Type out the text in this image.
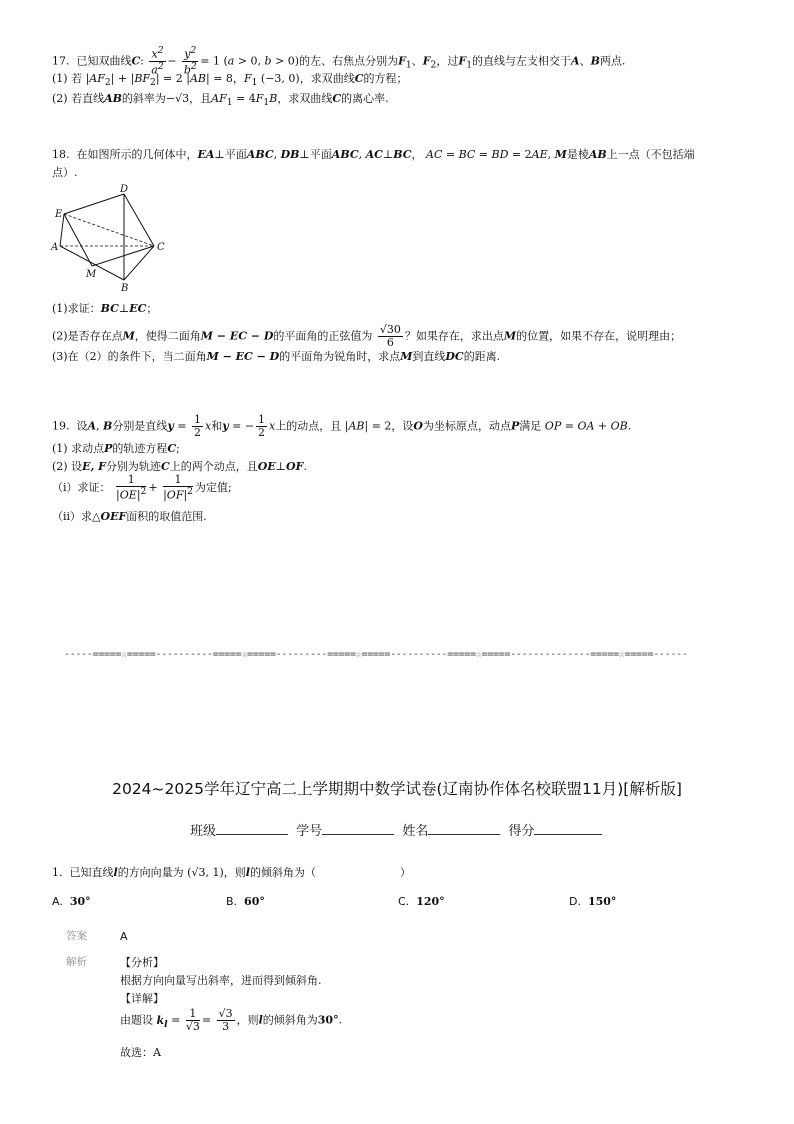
17. 已知双曲线C: $\frac{x^2}{a^2} - \frac{y^2}{b^2} = 1$ (a > 0, b > 0)的左、右焦点分别为$F_1$、$F_2$，过$F_1$的直线与左支相交于A、B两点.
(1) 若 $|AF_2| + |BF_2| = 2$ |AB| = 8，$F_1$ (−3, 0)，求双曲线C的方程；
(2) 若直线AB的斜率为−√3，且$AF_1 = 4F_1B$，求双曲线C的离心率.
18. 在如图所示的几何体中，EA⊥平面ABC, DB⊥平面ABC, AC⊥BC， AC = BC = BD = 2AE, M是棱AB上一点（不包括端
点）.
D
E
A	C
M
B
(1)求证：BC⊥EC；
(2)是否存在点M，使得二面角M − EC − D的平面角的正弦值为 $\frac{√30}{6}$ ？如果存在，求出点M的位置，如果不存在，说明理由；
(3)在（2）的条件下，当二面角M − EC − D的平面角为锐角时，求点M到直线DC的距离.
19. 设A, B分别是直线$y = \frac{1}{2}$ x和y = − $\frac{1}{2}$ x上的动点，且 |AB| = 2，设O为坐标原点，动点P满足 OP = OA + OB.
(1) 求动点P的轨迹方程C;
(2) 设E, F分别为轨迹C上的两个动点，且OE⊥OF.
（i）求证： $\frac{1}{|OE|^2} + \frac{1}{|OF|^2}$ 为定值;
（ii）求△OEF面积的取值范围.
-----=====☆=====----------=====☆=====---------=====☆=====----------=====☆=====--------------=====☆=====------
2024~2025学年辽宁高二上学期期中数学试卷(辽南协作体名校联盟11月)[解析版]
班级	学号	姓名	得分
1. 已知直线l的方向向量为 (√3, 1)，则l的倾斜角为（	）
A. 30°	B. 60°	C. 120°	D. 150°
答案	A
解析	【分析】
根据方向向量写出斜率，进而得到倾斜角.
【详解】
由题设 $k_l = \frac{1}{√3} = \frac{√3}{3}$ ，则l的倾斜角为30°.
故选：A
